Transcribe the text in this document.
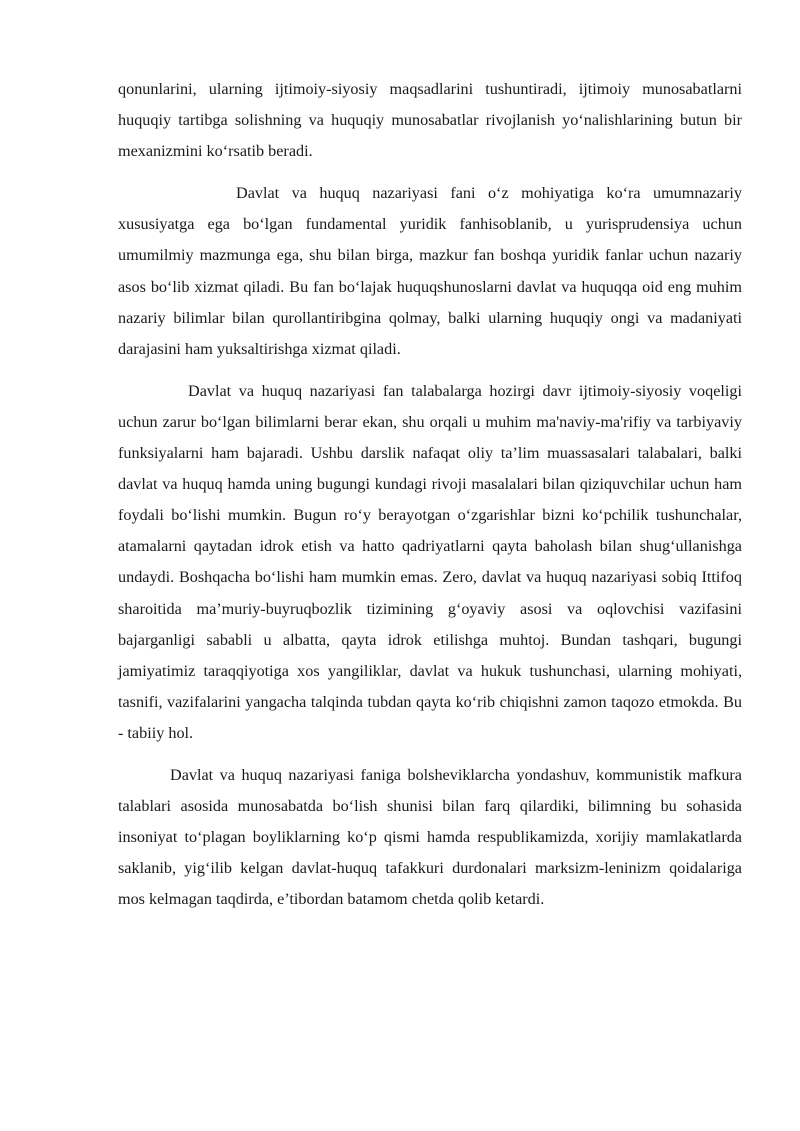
qonunlarini, ularning ijtimoiy-siyosiy maqsadlarini tushuntiradi, ijtimoiy munosabatlarni huquqiy tartibga solishning va huquqiy munosabatlar rivojlanish yo‘nalishlarining butun bir mexanizmini ko‘rsatib beradi.

Davlat va huquq nazariyasi fani o‘z mohiyatiga ko‘ra umumnazariy xususiyatga ega bo‘lgan fundamental yuridik fanhisoblanib, u yurisprudensiya uchun umumilmiy mazmunga ega, shu bilan birga, mazkur fan boshqa yuridik fanlar uchun nazariy asos bo‘lib xizmat qiladi. Bu fan bo‘lajak huquqshunoslarni davlat va huquqqa oid eng muhim nazariy bilimlar bilan qurollantiribgina qolmay, balki ularning huquqiy ongi va madaniyati darajasini ham yuksaltirishga xizmat qiladi.

Davlat va huquq nazariyasi fan talabalarga hozirgi davr ijtimoiy-siyosiy voqeligi uchun zarur bo‘lgan bilimlarni berar ekan, shu orqali u muhim ma'naviy-ma'rifiy va tarbiyaviy funksiyalarni ham bajaradi. Ushbu darslik nafaqat oliy ta’lim muassasalari talabalari, balki davlat va huquq hamda uning bugungi kundagi rivoji masalalari bilan qiziquvchilar uchun ham foydali bo‘lishi mumkin. Bugun ro‘y berayotgan o‘zgarishlar bizni ko‘pchilik tushunchalar, atamalarni qaytadan idrok etish va hatto qadriyatlarni qayta baholash bilan shug‘ullanishga undaydi. Boshqacha bo‘lishi ham mumkin emas. Zero, davlat va huquq nazariyasi sobiq Ittifoq sharoitida ma’muriy-buyruqbozlik tizimining g‘oyaviy asosi va oqlovchisi vazifasini bajarganligi sababli u albatta, qayta idrok etilishga muhtoj. Bundan tashqari, bugungi jamiyatimiz taraqqiyotiga xos yangiliklar, davlat va hukuk tushunchasi, ularning mohiyati, tasnifi, vazifalarini yangacha talqinda tubdan qayta ko‘rib chiqishni zamon taqozo etmokda. Bu - tabiiy hol.

Davlat va huquq nazariyasi faniga bolsheviklarcha yondashuv, kommunistik mafkura talablari asosida munosabatda bo‘lish shunisi bilan farq qilardiki, bilimning bu sohasida insoniyat to‘plagan boyliklarning ko‘p qismi hamda respublikamizda, xorijiy mamlakatlarda saklanib, yig‘ilib kelgan davlat-huquq tafakkuri durdonalari marksizm-leninizm qoidalariga mos kelmagan taqdirda, e’tibordan batamom chetda qolib ketardi.
